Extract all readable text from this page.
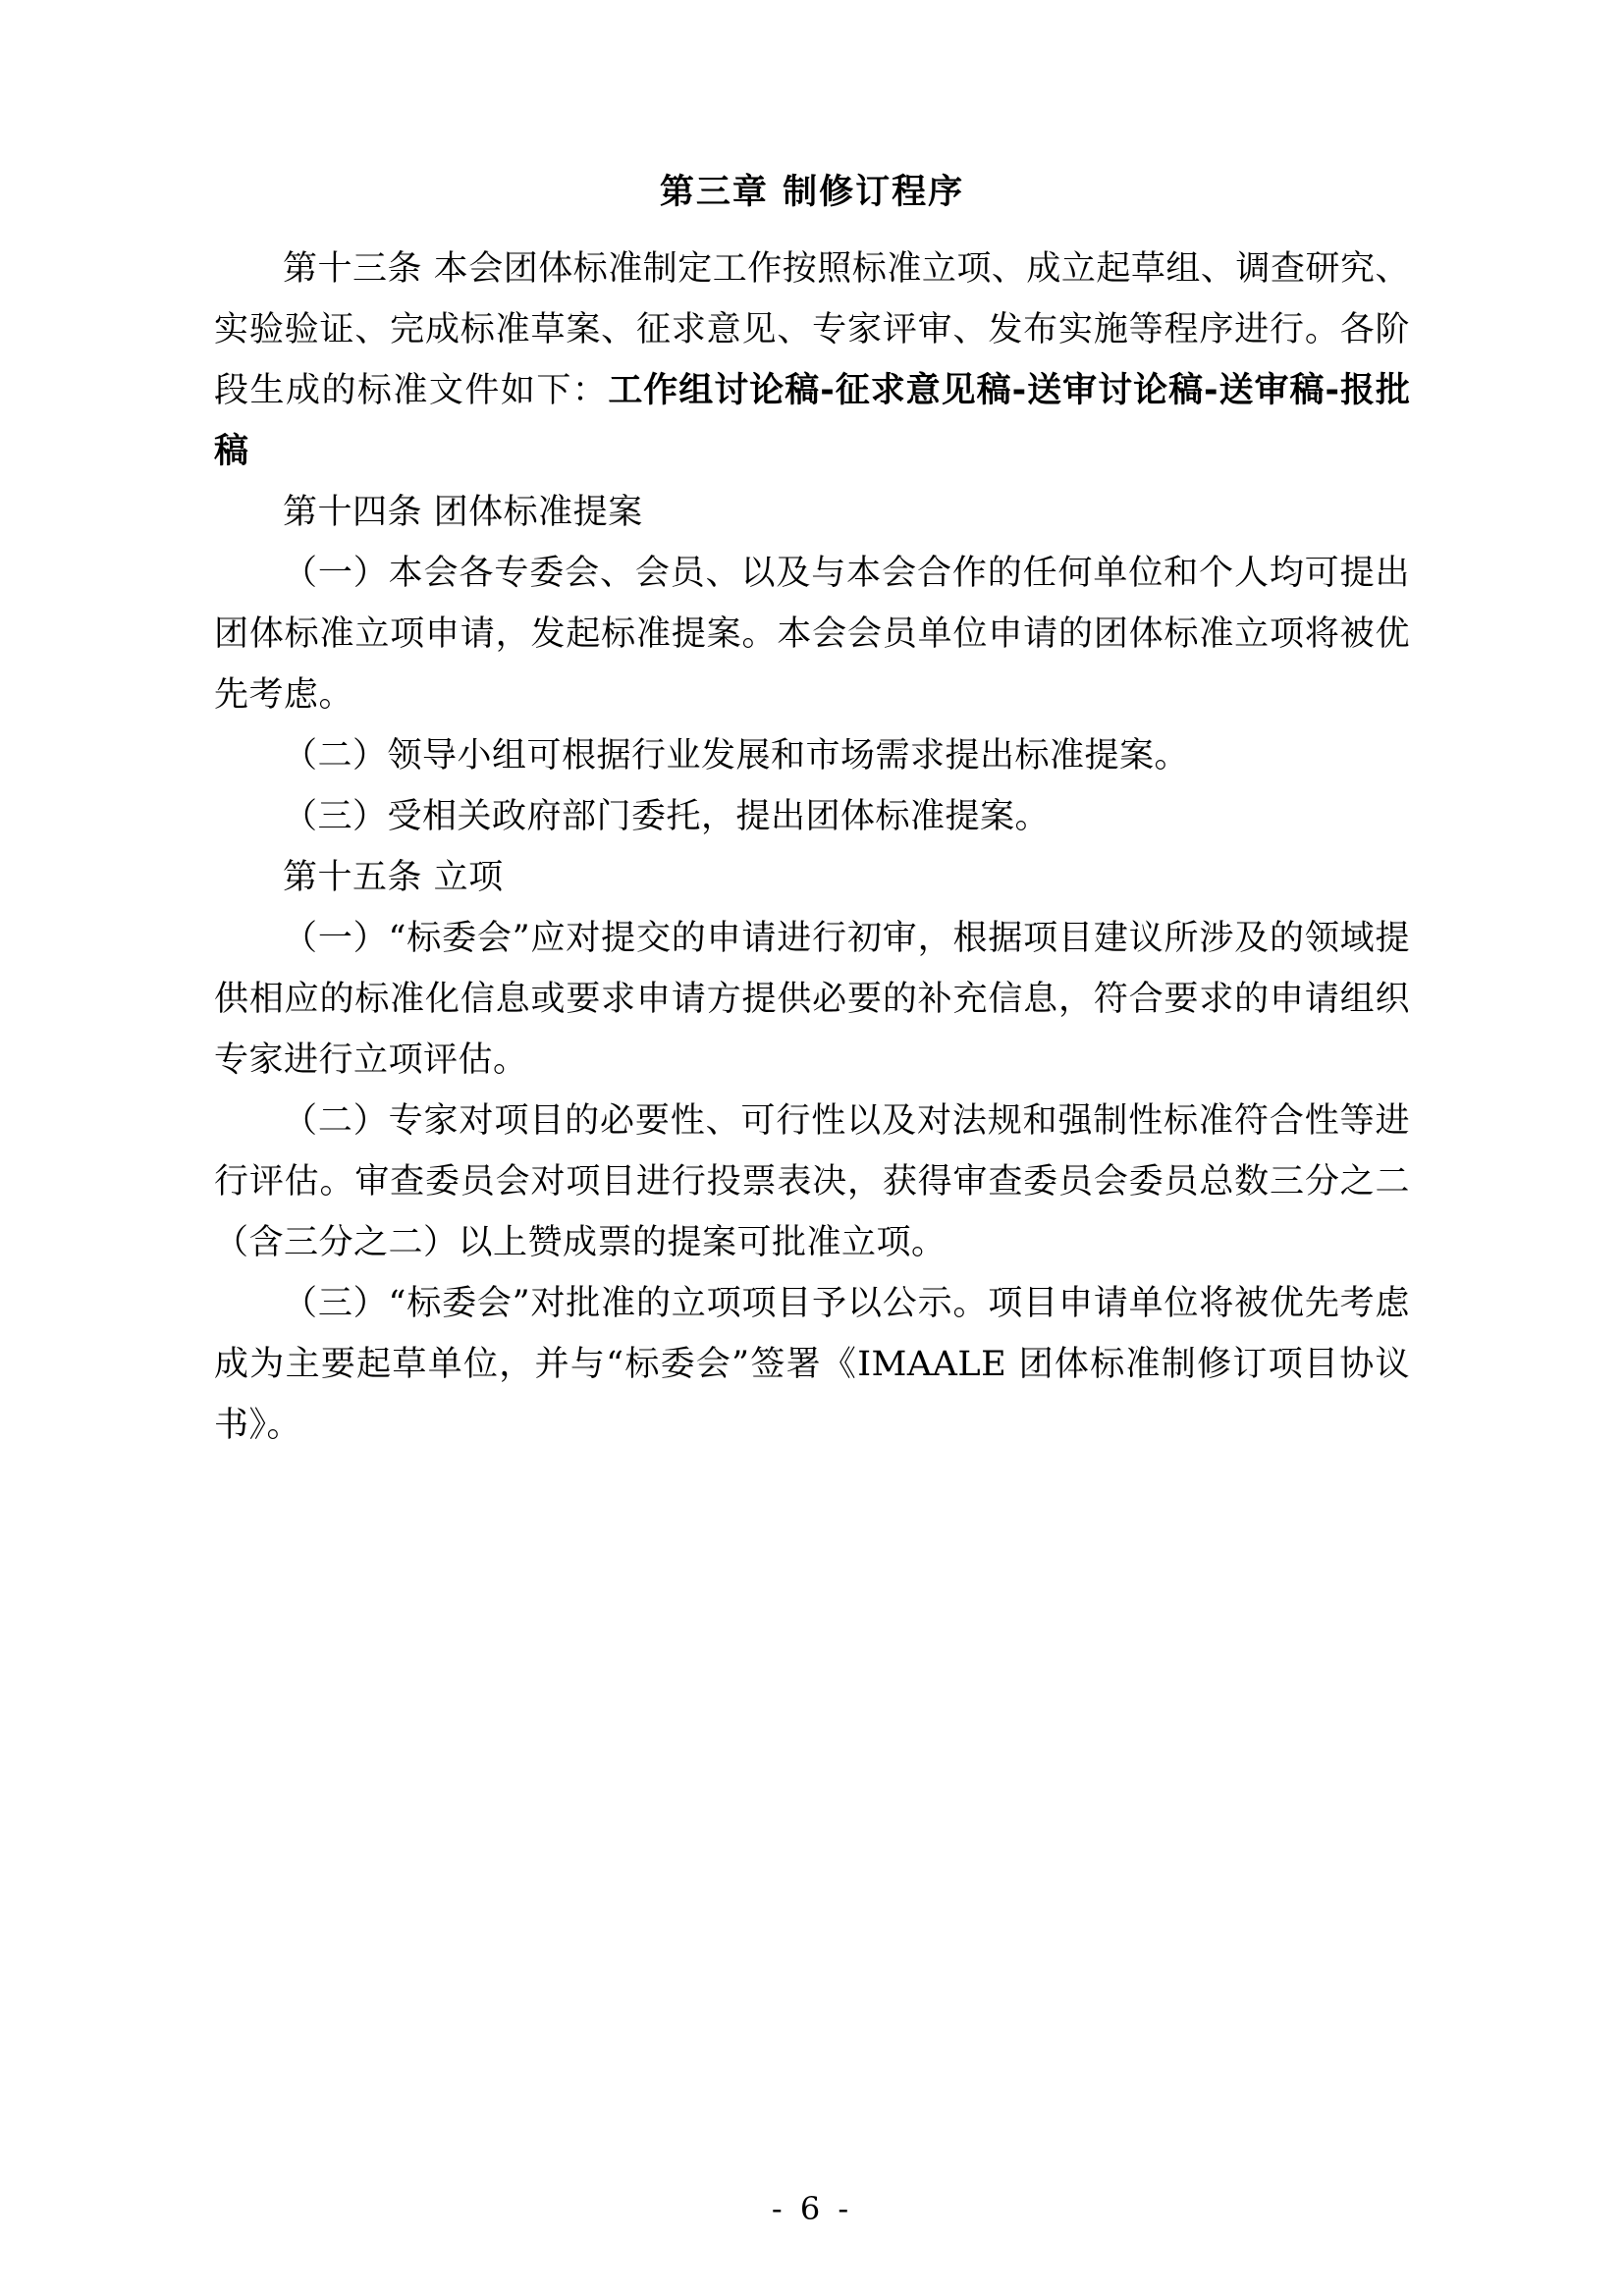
第三章 制修订程序

第十三条 本会团体标准制定工作按照标准立项、成立起草组、调查研究、实验验证、完成标准草案、征求意见、专家评审、发布实施等程序进行。各阶段生成的标准文件如下：工作组讨论稿-征求意见稿-送审讨论稿-送审稿-报批稿

第十四条 团体标准提案

（一）本会各专委会、会员、以及与本会合作的任何单位和个人均可提出团体标准立项申请，发起标准提案。本会会员单位申请的团体标准立项将被优先考虑。

（二）领导小组可根据行业发展和市场需求提出标准提案。

（三）受相关政府部门委托，提出团体标准提案。

第十五条 立项

（一）“标委会”应对提交的申请进行初审，根据项目建议所涉及的领域提供相应的标准化信息或要求申请方提供必要的补充信息，符合要求的申请组织专家进行立项评估。

（二）专家对项目的必要性、可行性以及对法规和强制性标准符合性等进行评估。审查委员会对项目进行投票表决，获得审查委员会委员总数三分之二（含三分之二）以上赞成票的提案可批准立项。

（三）“标委会”对批准的立项项目予以公示。项目申请单位将被优先考虑成为主要起草单位，并与“标委会”签署《IMAALE 团体标准制修订项目协议书》。

- 6 -
